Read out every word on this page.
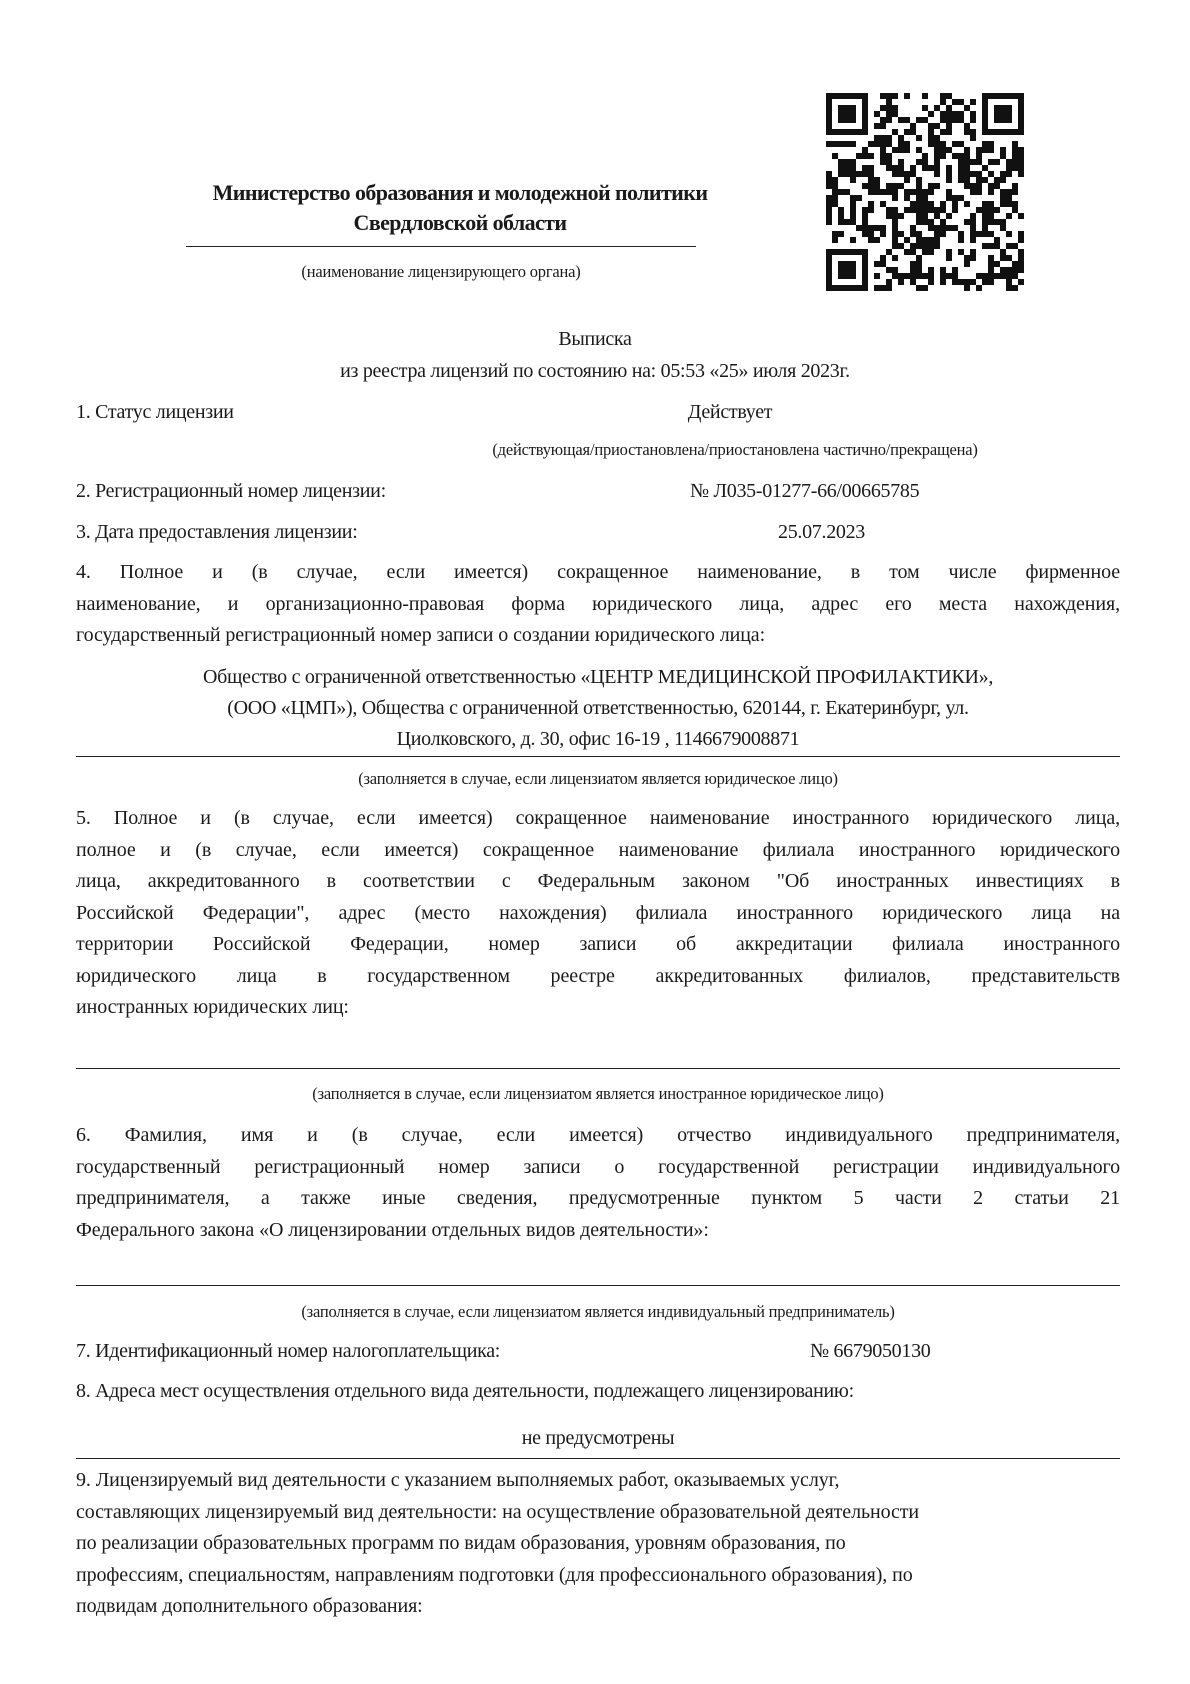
Министерство образования и молодежной политики
Свердловской области
(наименование лицензирующего органа)
Выписка
из реестра лицензий по состоянию на: 05:53 «25» июля 2023г.
1. Статус лицензии	Действует
(действующая/приостановлена/приостановлена частично/прекращена)
2. Регистрационный номер лицензии:	№ Л035-01277-66/00665785
3. Дата предоставления лицензии:	25.07.2023
4. Полное и (в случае, если имеется) сокращенное наименование, в том числе фирменное
наименование, и организационно-правовая форма юридического лица, адрес его места нахождения,
государственный регистрационный номер записи о создании юридического лица:
Общество с ограниченной ответственностью «ЦЕНТР МЕДИЦИНСКОЙ ПРОФИЛАКТИКИ»,
(ООО «ЦМП»), Общества с ограниченной ответственностью, 620144, г. Екатеринбург, ул.
Циолковского, д. 30, офис 16-19 , 1146679008871
(заполняется в случае, если лицензиатом является юридическое лицо)
5. Полное и (в случае, если имеется) сокращенное наименование иностранного юридического лица,
полное и (в случае, если имеется) сокращенное наименование филиала иностранного юридического
лица, аккредитованного в соответствии с Федеральным законом "Об иностранных инвестициях в
Российской Федерации", адрес (место нахождения) филиала иностранного юридического лица на
территории Российской Федерации, номер записи об аккредитации филиала иностранного
юридического лица в государственном реестре аккредитованных филиалов, представительств
иностранных юридических лиц:
(заполняется в случае, если лицензиатом является иностранное юридическое лицо)
6. Фамилия, имя и (в случае, если имеется) отчество индивидуального предпринимателя,
государственный регистрационный номер записи о государственной регистрации индивидуального
предпринимателя, а также иные сведения, предусмотренные пунктом 5 части 2 статьи 21
Федерального закона «О лицензировании отдельных видов деятельности»:
(заполняется в случае, если лицензиатом является индивидуальный предприниматель)
7. Идентификационный номер налогоплательщика:	№ 6679050130
8. Адреса мест осуществления отдельного вида деятельности, подлежащего лицензированию:
не предусмотрены
9. Лицензируемый вид деятельности с указанием выполняемых работ, оказываемых услуг,
составляющих лицензируемый вид деятельности: на осуществление образовательной деятельности
по реализации образовательных программ по видам образования, уровням образования, по
профессиям, специальностям, направлениям подготовки (для профессионального образования), по
подвидам дополнительного образования:
